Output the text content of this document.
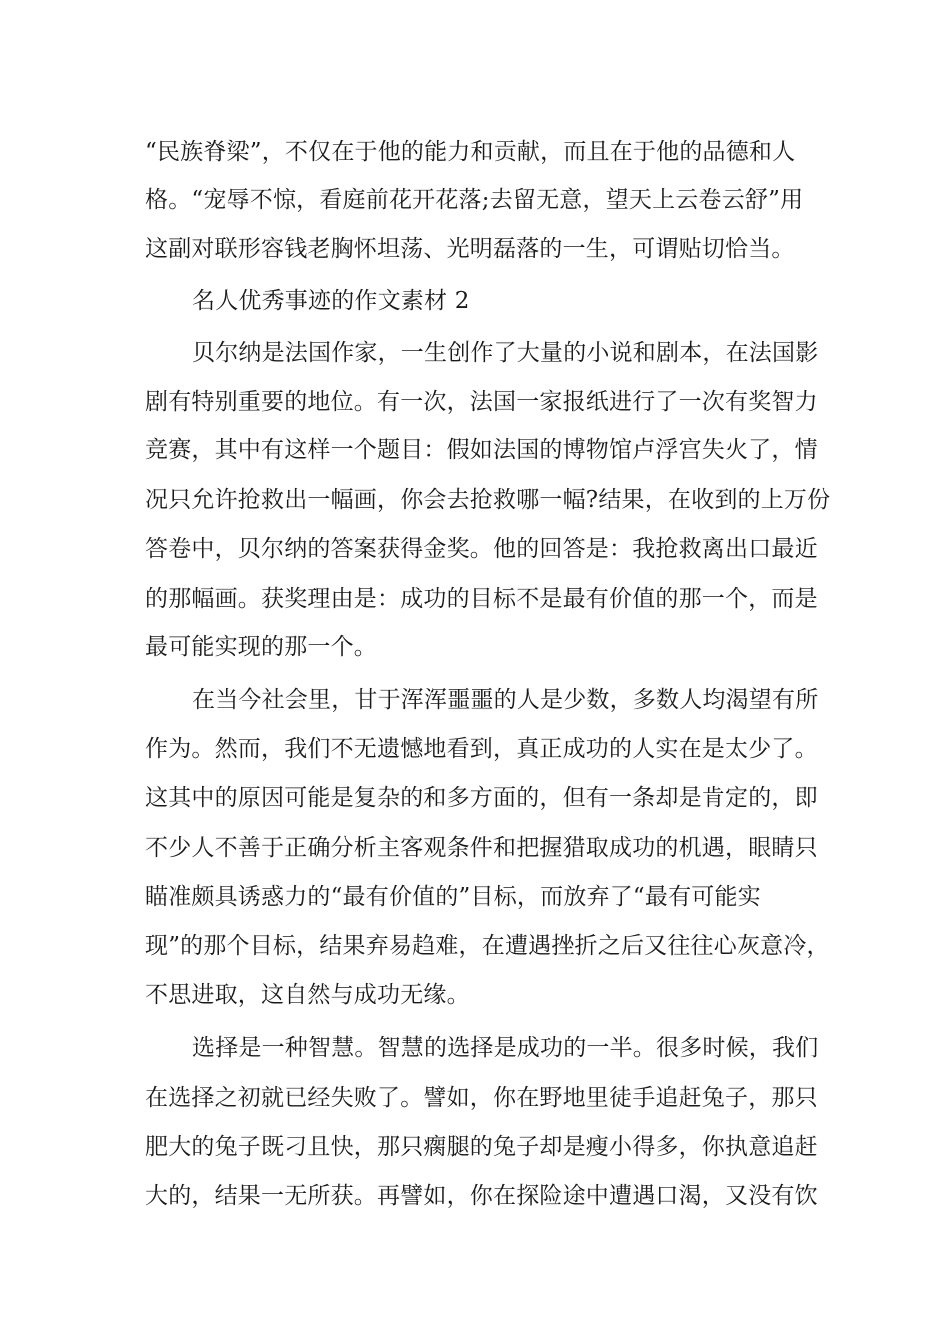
“民族脊梁”，不仅在于他的能力和贡献，而且在于他的品德和人
格。“宠辱不惊，看庭前花开花落;去留无意，望天上云卷云舒”用
这副对联形容钱老胸怀坦荡、光明磊落的一生，可谓贴切恰当。
名人优秀事迹的作文素材 2
贝尔纳是法国作家，一生创作了大量的小说和剧本，在法国影
剧有特别重要的地位。有一次，法国一家报纸进行了一次有奖智力
竞赛，其中有这样一个题目：假如法国的博物馆卢浮宫失火了，情
况只允许抢救出一幅画，你会去抢救哪一幅?结果，在收到的上万份
答卷中，贝尔纳的答案获得金奖。他的回答是：我抢救离出口最近
的那幅画。获奖理由是：成功的目标不是最有价值的那一个，而是
最可能实现的那一个。
在当今社会里，甘于浑浑噩噩的人是少数，多数人均渴望有所
作为。然而，我们不无遗憾地看到，真正成功的人实在是太少了。
这其中的原因可能是复杂的和多方面的，但有一条却是肯定的，即
不少人不善于正确分析主客观条件和把握猎取成功的机遇，眼睛只
瞄准颇具诱惑力的“最有价值的”目标，而放弃了“最有可能实
现”的那个目标，结果弃易趋难，在遭遇挫折之后又往往心灰意冷，
不思进取，这自然与成功无缘。
选择是一种智慧。智慧的选择是成功的一半。很多时候，我们
在选择之初就已经失败了。譬如，你在野地里徒手追赶兔子，那只
肥大的兔子既刁且快，那只瘸腿的兔子却是瘦小得多，你执意追赶
大的，结果一无所获。再譬如，你在探险途中遭遇口渴，又没有饮
